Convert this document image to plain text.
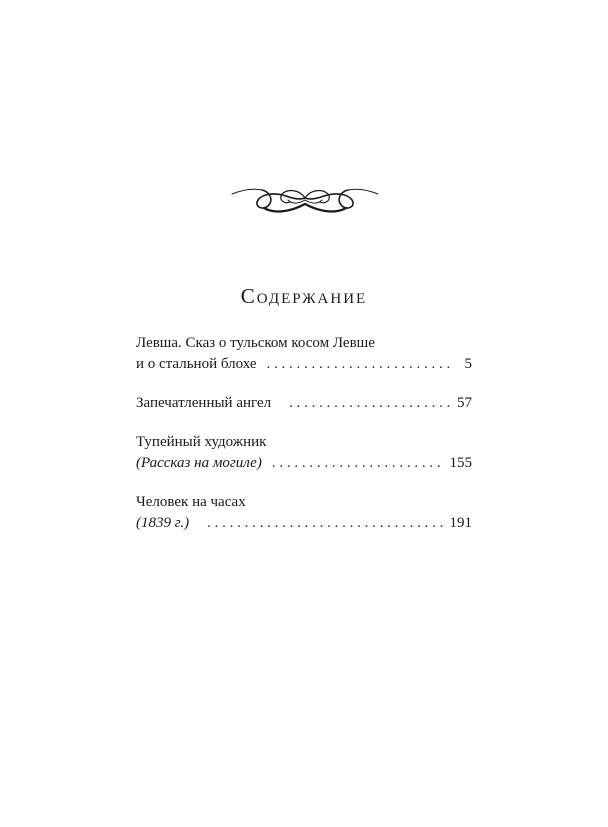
Содержание
Левша. Сказ о тульском косом Левше
и о стальной блохе . . .	5
Запечатленный ангел . . .	57
Тупейный художник
(Рассказ на могиле) . . .	155
Человек на часах
(1839 г.) . . .	191
